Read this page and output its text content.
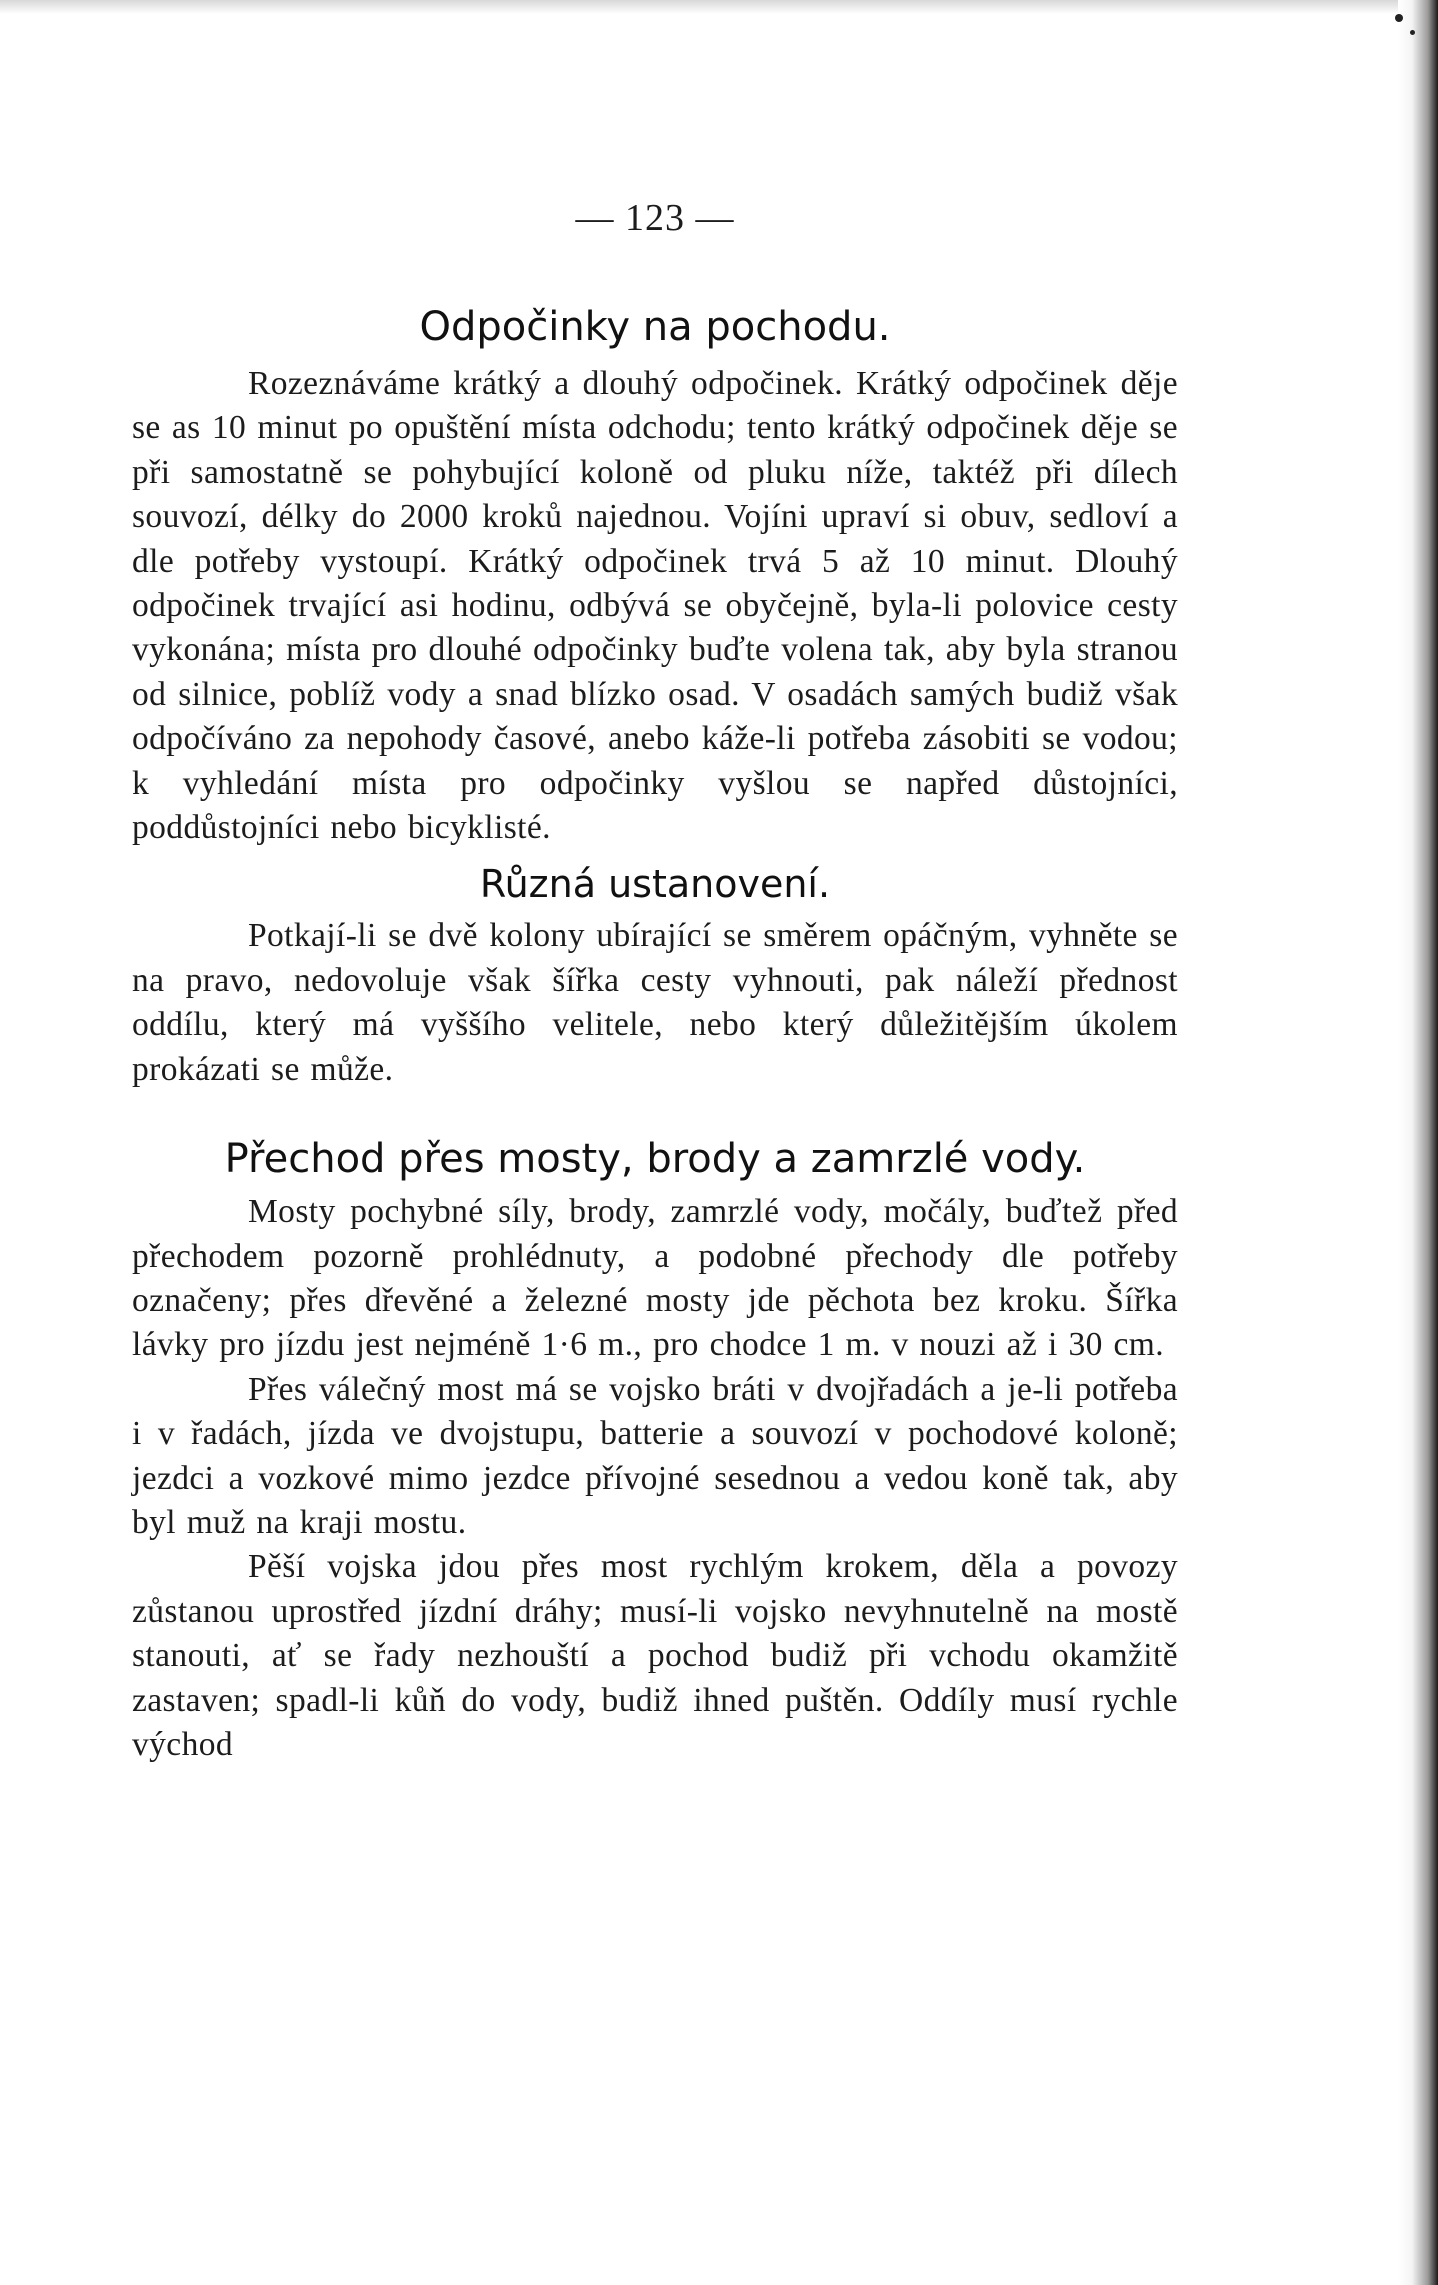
— 123 —
Odpočinky na pochodu.

Rozeznáváme krátký a dlouhý odpočinek. Krátký odpočinek děje se as 10 minut po opuštění místa odchodu; tento krátký odpočinek děje se při samostatně se pohybující koloně od pluku níže, taktéž při dílech souvozí, délky do 2000 kroků najednou. Vojíni upraví si obuv, sedloví a dle potřeby vystoupí. Krátký odpočinek trvá 5 až 10 minut. Dlouhý odpočinek trvající asi hodinu, odbývá se obyčejně, byla-li polovice cesty vykonána; místa pro dlouhé odpočinky buďte volena tak, aby byla stranou od silnice, poblíž vody a snad blízko osad. V osadách samých budiž však odpočíváno za nepohody časové, anebo káže-li potřeba zásobiti se vodou; k vyhledání místa pro odpočinky vyšlou se napřed důstojníci, poddůstojníci nebo bicyklisté.

Různá ustanovení.

Potkají-li se dvě kolony ubírající se směrem opáčným, vyhněte se na pravo, nedovoluje však šířka cesty vyhnouti, pak náleží přednost oddílu, který má vyššího velitele, nebo který důležitějším úkolem prokázati se může.

Přechod přes mosty, brody a zamrzlé vody.

Mosty pochybné síly, brody, zamrzlé vody, močály, buďtež před přechodem pozorně prohlédnuty, a podobné přechody dle potřeby označeny; přes dřevěné a železné mosty jde pěchota bez kroku. Šířka lávky pro jízdu jest nejméně 1·6 m., pro chodce 1 m. v nouzi až i 30 cm.

Přes válečný most má se vojsko bráti v dvojřadách a je-li potřeba i v řadách, jízda ve dvojstupu, batterie a souvozí v pochodové koloně; jezdci a vozkové mimo jezdce přívojné sesednou a vedou koně tak, aby byl muž na kraji mostu.

Pěší vojska jdou přes most rychlým krokem, děla a povozy zůstanou uprostřed jízdní dráhy; musí-li vojsko nevyhnutelně na mostě stanouti, ať se řady nezhouští a pochod budiž při vchodu okamžitě zastaven; spadl-li kůň do vody, budiž ihned puštěn. Oddíly musí rychle východ
